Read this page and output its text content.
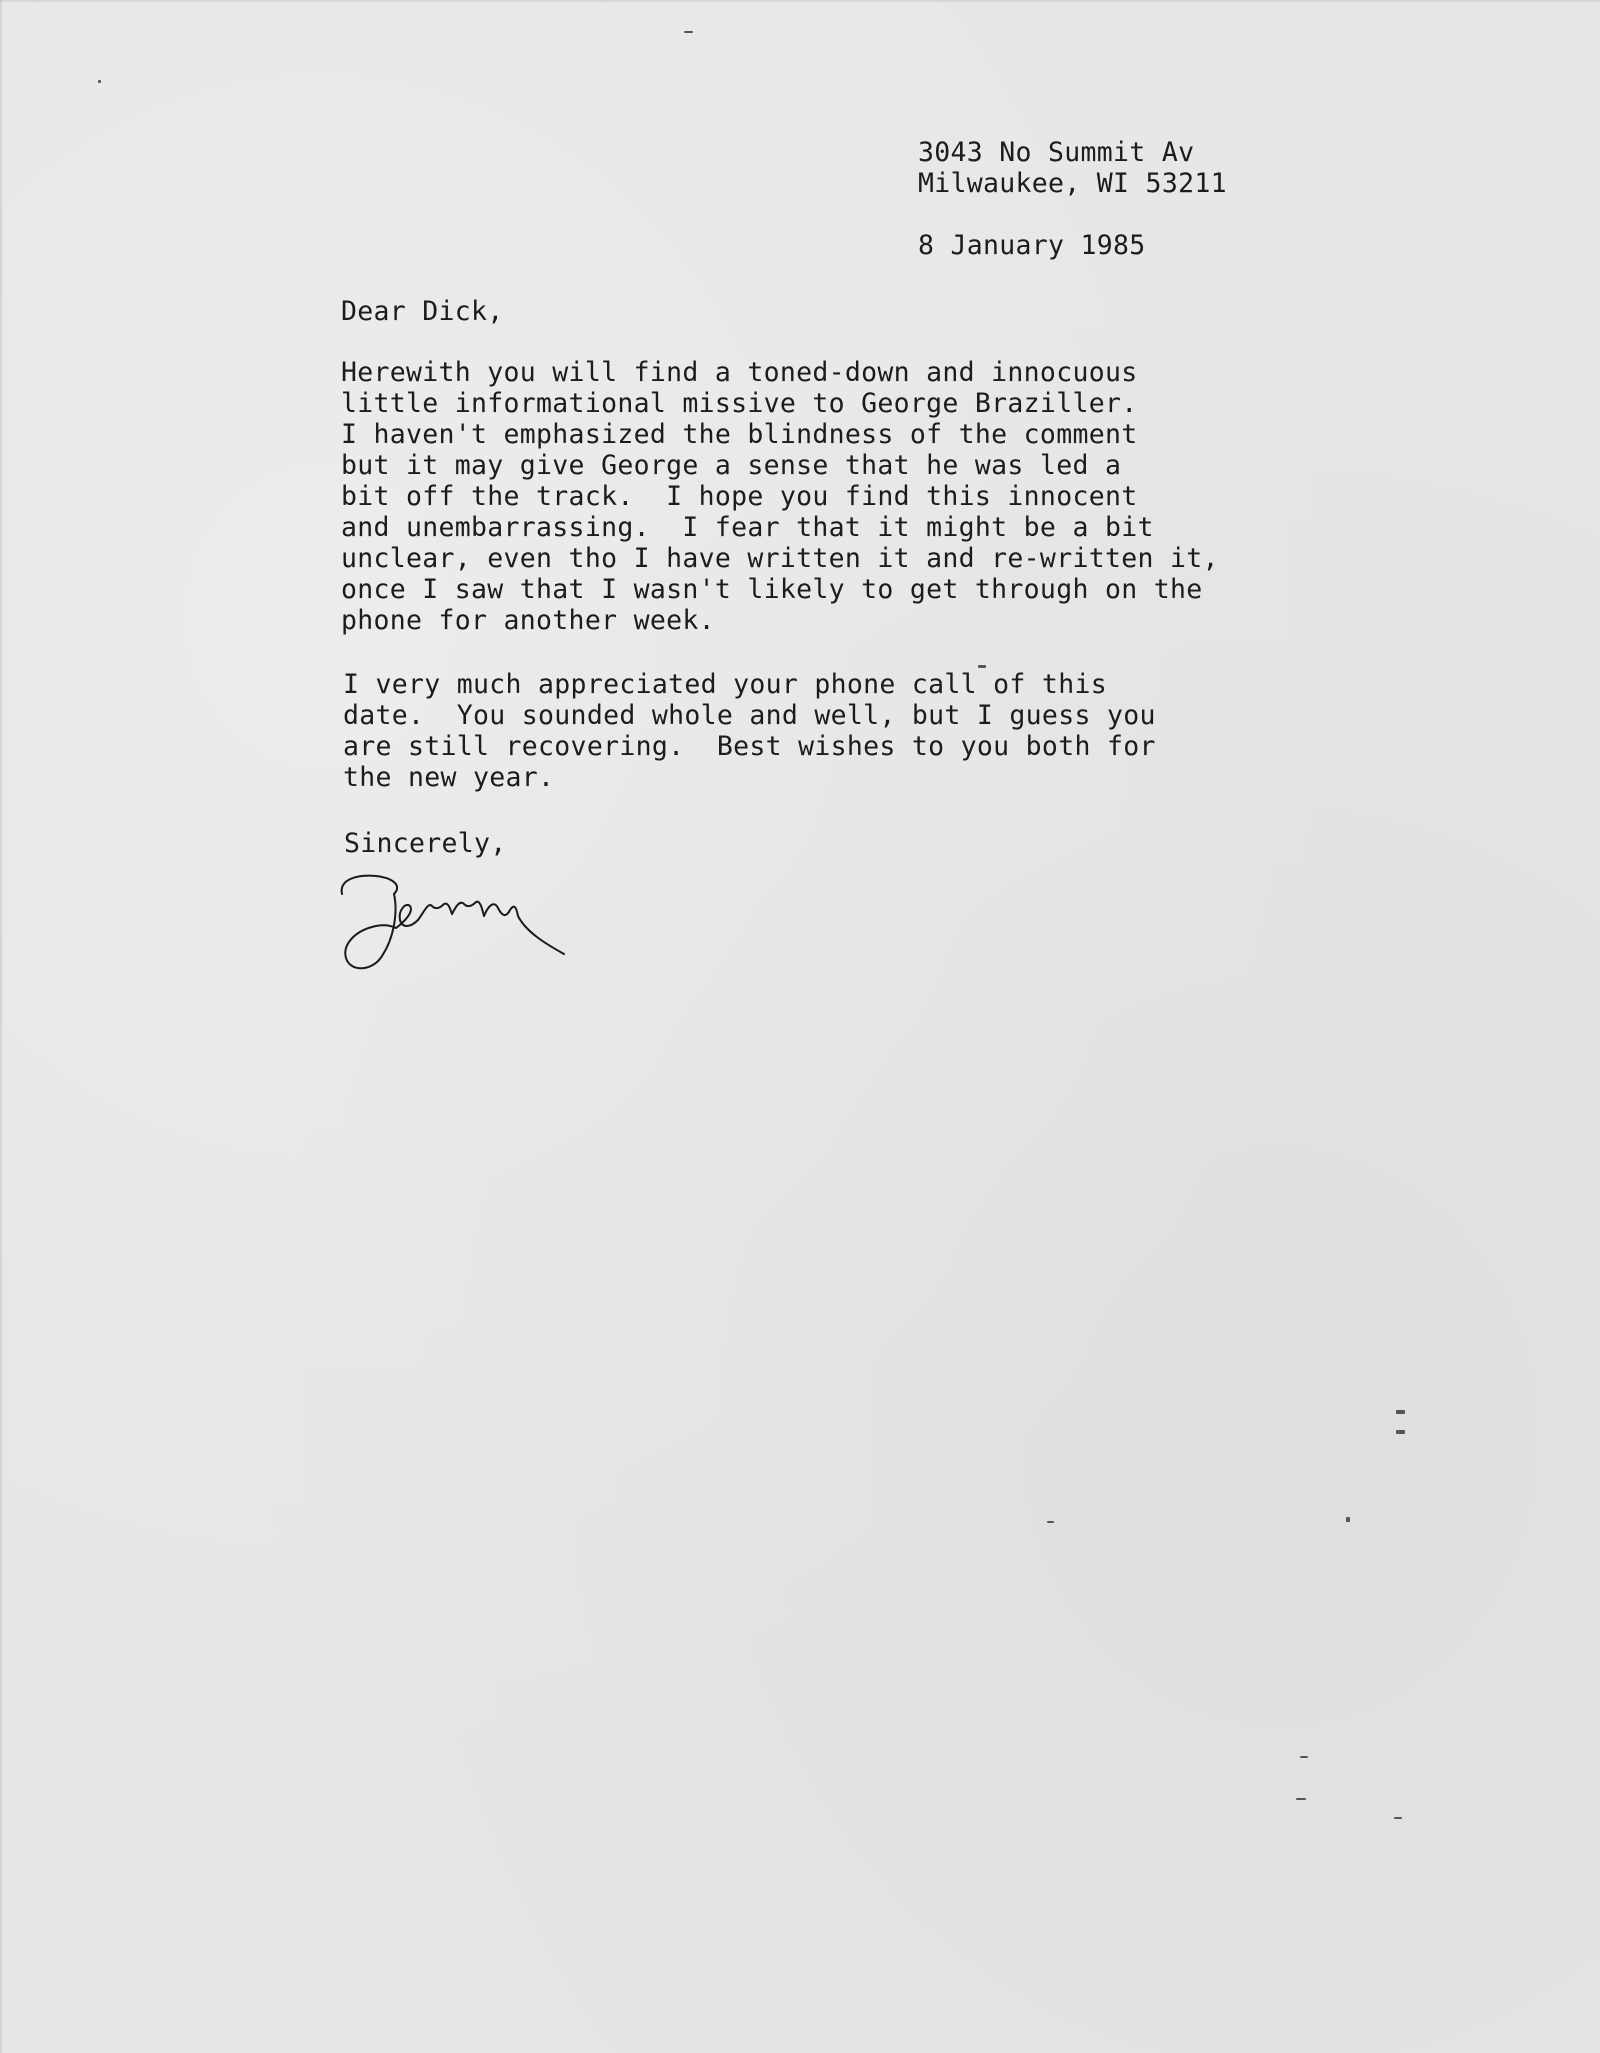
3043 No Summit Av

Milwaukee, WI 53211

8 January 1985

Dear Dick,

Herewith you will find a toned-down and innocuous

little informational missive to George Braziller.

I haven't emphasized the blindness of the comment

but it may give George a sense that he was led a

bit off the track.  I hope you find this innocent

and unembarrassing.  I fear that it might be a bit

unclear, even tho I have written it and re-written it,

once I saw that I wasn't likely to get through on the

phone for another week.

I very much appreciated your phone call of this

date.  You sounded whole and well, but I guess you

are still recovering.  Best wishes to you both for

the new year.

Sincerely,
